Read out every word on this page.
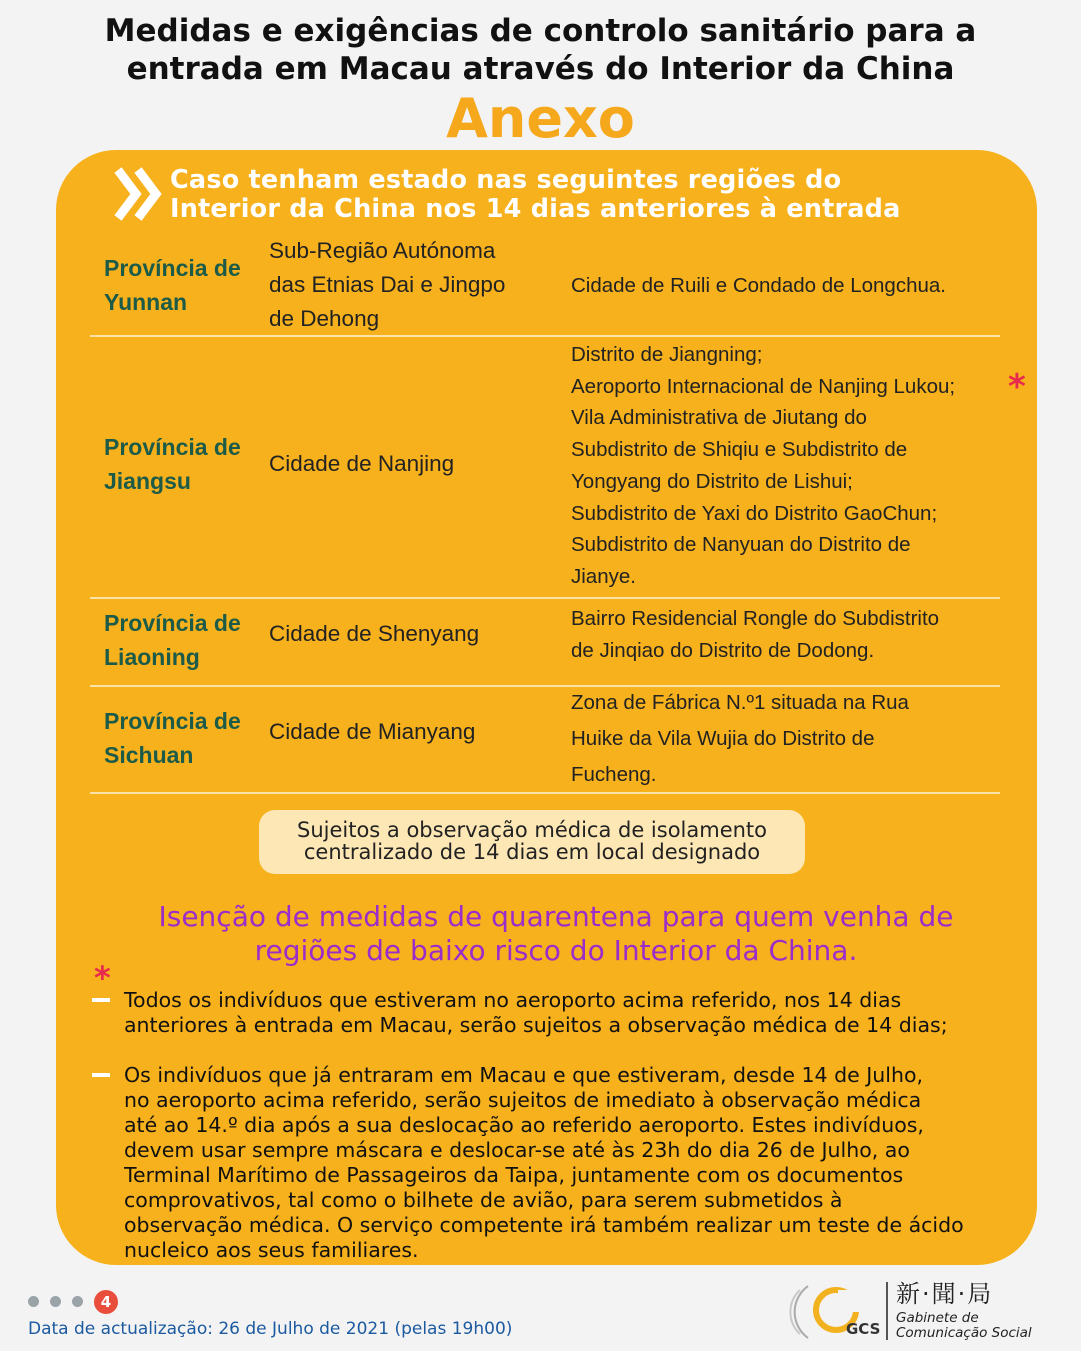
Medidas e exigências de controlo sanitário para a
entrada em Macau através do Interior da China
Anexo
Caso tenham estado nas seguintes regiões do
Interior da China nos 14 dias anteriores à entrada
Província de
Yunnan
Sub-Região Autónoma
das Etnias Dai e Jingpo
de Dehong
Cidade de Ruili e Condado de Longchua.
Província de
Jiangsu
Cidade de Nanjing
Distrito de Jiangning;
Aeroporto Internacional de Nanjing Lukou;
Vila Administrativa de Jiutang do
Subdistrito de Shiqiu e Subdistrito de
Yongyang do Distrito de Lishui;
Subdistrito de Yaxi do Distrito GaoChun;
Subdistrito de Nanyuan do Distrito de
Jianye.
*
Província de
Liaoning
Cidade de Shenyang
Bairro Residencial Rongle do Subdistrito
de Jinqiao do Distrito de Dodong.
Província de
Sichuan
Cidade de Mianyang
Zona de Fábrica N.º1 situada na Rua
Huike da Vila Wujia do Distrito de
Fucheng.
Sujeitos a observação médica de isolamento
centralizado de 14 dias em local designado
Isenção de medidas de quarentena para quem venha de
regiões de baixo risco do Interior da China.
*
Todos os indivíduos que estiveram no aeroporto acima referido, nos 14 dias
anteriores à entrada em Macau, serão sujeitos a observação médica de 14 dias;
Os indivíduos que já entraram em Macau e que estiveram, desde 14 de Julho,
no aeroporto acima referido, serão sujeitos de imediato à observação médica
até ao 14.º dia após a sua deslocação ao referido aeroporto. Estes indivíduos,
devem usar sempre máscara e deslocar-se até às 23h do dia 26 de Julho, ao
Terminal Marítimo de Passageiros da Taipa, juntamente com os documentos
comprovativos, tal como o bilhete de avião, para serem submetidos à
observação médica. O serviço competente irá também realizar um teste de ácido
nucleico aos seus familiares.
4
Data de actualização: 26 de Julho de 2021 (pelas 19h00)	GCS
新·聞·局
Gabinete de
Comunicação Social
